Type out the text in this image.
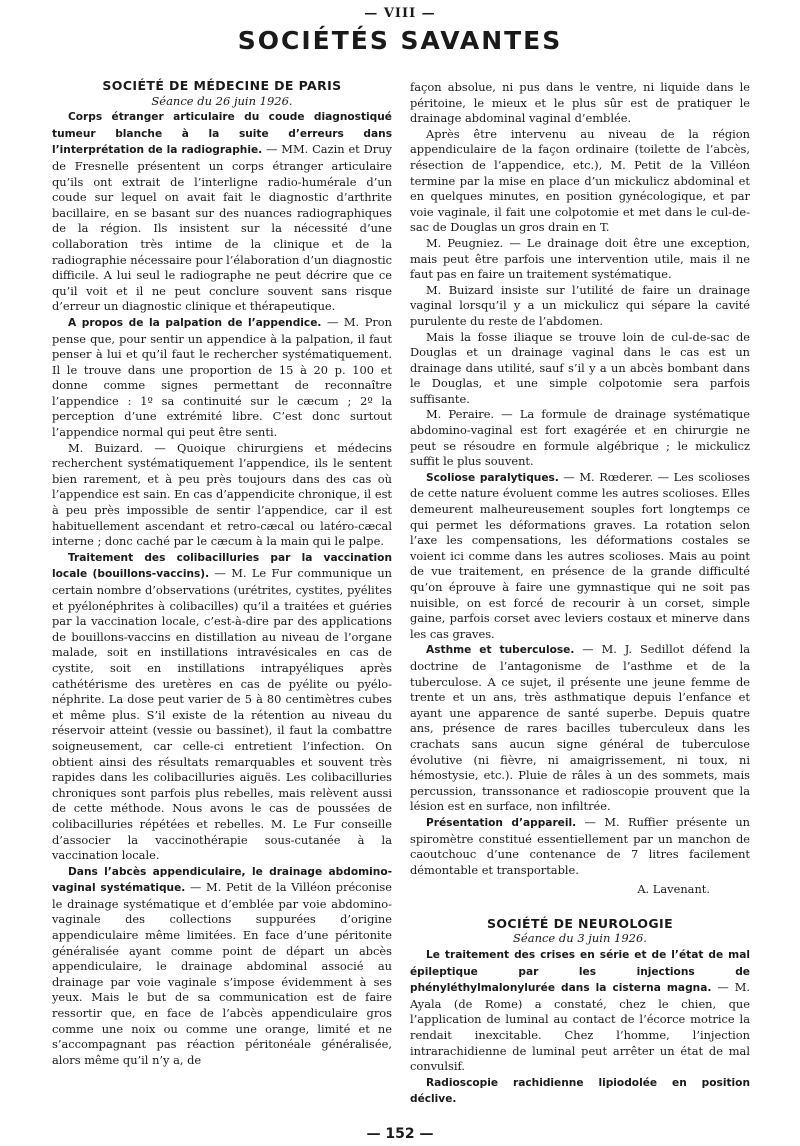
— VIII —
SOCIÉTÉS SAVANTES

SOCIÉTÉ DE MÉDECINE DE PARIS

Séance du 26 juin 1926.

Corps étranger articulaire du coude diagnostiqué tumeur blanche à la suite d’erreurs dans l’interprétation de la radiographie. — MM. Cazin et Druy de Fresnelle présentent un corps étranger articulaire qu’ils ont extrait de l’interligne radio-humérale d’un coude sur lequel on avait fait le diagnostic d’arthrite bacillaire, en se basant sur des nuances radiographiques de la région. Ils insistent sur la nécessité d’une collaboration très intime de la clinique et de la radiographie nécessaire pour l’élaboration d’un diagnostic difficile. A lui seul le radiographe ne peut décrire que ce qu’il voit et il ne peut conclure souvent sans risque d’erreur un diagnostic clinique et thérapeutique.

A propos de la palpation de l’appendice. — M. Pron pense que, pour sentir un appendice à la palpation, il faut penser à lui et qu’il faut le rechercher systématiquement. Il le trouve dans une proportion de 15 à 20 p. 100 et donne comme signes permettant de reconnaître l’appendice : 1º sa continuité sur le cæcum ; 2º la perception d’une extrémité libre. C’est donc surtout l’appendice normal qui peut être senti.

M. Buizard. — Quoique chirurgiens et médecins recherchent systématiquement l’appendice, ils le sentent bien rarement, et à peu près toujours dans des cas où l’appendice est sain. En cas d’appendicite chronique, il est à peu près impossible de sentir l’appendice, car il est habituellement ascendant et retro-cæcal ou latéro-cæcal interne ; donc caché par le cæcum à la main qui le palpe.

Traitement des colibacilluries par la vaccination locale (bouillons-vaccins). — M. Le Fur communique un certain nombre d’observations (urétrites, cystites, pyélites et pyélonéphrites à colibacilles) qu’il a traitées et guéries par la vaccination locale, c’est-à-dire par des applications de bouillons-vaccins en distillation au niveau de l’organe malade, soit en instillations intravésicales en cas de cystite, soit en instillations intrapyéliques après cathétérisme des uretères en cas de pyélite ou pyélo-néphrite. La dose peut varier de 5 à 80 centimètres cubes et même plus. S’il existe de la rétention au niveau du réservoir atteint (vessie ou bassinet), il faut la combattre soigneusement, car celle-ci entretient l’infection. On obtient ainsi des résultats remarquables et souvent très rapides dans les colibacilluries aiguës. Les colibacilluries chroniques sont parfois plus rebelles, mais relèvent aussi de cette méthode. Nous avons le cas de poussées de colibacilluries répétées et rebelles. M. Le Fur conseille d’associer la vaccinothérapie sous-cutanée à la vaccination locale.

Dans l’abcès appendiculaire, le drainage abdomino-vaginal systématique. — M. Petit de la Villéon préconise le drainage systématique et d’emblée par voie abdomino-vaginale des collections suppurées d’origine appendiculaire même limitées. En face d’une péritonite généralisée ayant comme point de départ un abcès appendiculaire, le drainage abdominal associé au drainage par voie vaginale s’impose évidemment à ses yeux. Mais le but de sa communication est de faire ressortir que, en face de l’abcès appendiculaire gros comme une noix ou comme une orange, limité et ne s’accompagnant pas réaction péritonéale généralisée, alors même qu’il n’y a, de

façon absolue, ni pus dans le ventre, ni liquide dans le péritoine, le mieux et le plus sûr est de pratiquer le drainage abdominal vaginal d’emblée.

Après être intervenu au niveau de la région appendiculaire de la façon ordinaire (toilette de l’abcès, résection de l’appendice, etc.), M. Petit de la Villéon termine par la mise en place d’un mickulicz abdominal et en quelques minutes, en position gynécologique, et par voie vaginale, il fait une colpotomie et met dans le cul-de-sac de Douglas un gros drain en T.

M. Peugniez. — Le drainage doit être une exception, mais peut être parfois une intervention utile, mais il ne faut pas en faire un traitement systématique.

M. Buizard insiste sur l’utilité de faire un drainage vaginal lorsqu’il y a un mickulicz qui sépare la cavité purulente du reste de l’abdomen.

Mais la fosse iliaque se trouve loin de cul-de-sac de Douglas et un drainage vaginal dans le cas est un drainage dans utilité, sauf s’il y a un abcès bombant dans le Douglas, et une simple colpotomie sera parfois suffisante.

M. Peraire. — La formule de drainage systématique abdomino-vaginal est fort exagérée et en chirurgie ne peut se résoudre en formule algébrique ; le mickulicz suffit le plus souvent.

Scoliose paralytiques. — M. Rœderer. — Les scolioses de cette nature évoluent comme les autres scolioses. Elles demeurent malheureusement souples fort longtemps ce qui permet les déformations graves. La rotation selon l’axe les compensations, les déformations costales se voient ici comme dans les autres scolioses. Mais au point de vue traitement, en présence de la grande difficulté qu’on éprouve à faire une gymnastique qui ne soit pas nuisible, on est forcé de recourir à un corset, simple gaine, parfois corset avec leviers costaux et minerve dans les cas graves.

Asthme et tuberculose. — M. J. Sedillot défend la doctrine de l’antagonisme de l’asthme et de la tuberculose. A ce sujet, il présente une jeune femme de trente et un ans, très asthmatique depuis l’enfance et ayant une apparence de santé superbe. Depuis quatre ans, présence de rares bacilles tuberculeux dans les crachats sans aucun signe général de tuberculose évolutive (ni fièvre, ni amaigrissement, ni toux, ni hémostysie, etc.). Pluie de râles à un des sommets, mais percussion, transsonance et radioscopie prouvent que la lésion est en surface, non infiltrée.

Présentation d’appareil. — M. Ruffier présente un spiromètre constitué essentiellement par un manchon de caoutchouc d’une contenance de 7 litres facilement démontable et transportable.

A. Lavenant.

SOCIÉTÉ DE NEUROLOGIE

Séance du 3 juin 1926.

Le traitement des crises en série et de l’état de mal épileptique par les injections de phényléthylmalonylurée dans la cisterna magna. — M. Ayala (de Rome) a constaté, chez le chien, que l’application de luminal au contact de l’écorce motrice la rendait inexcitable. Chez l’homme, l’injection intrarachidienne de luminal peut arrêter un état de mal convulsif.

Radioscopie rachidienne lipiodolée en position déclive.

— 152 —
